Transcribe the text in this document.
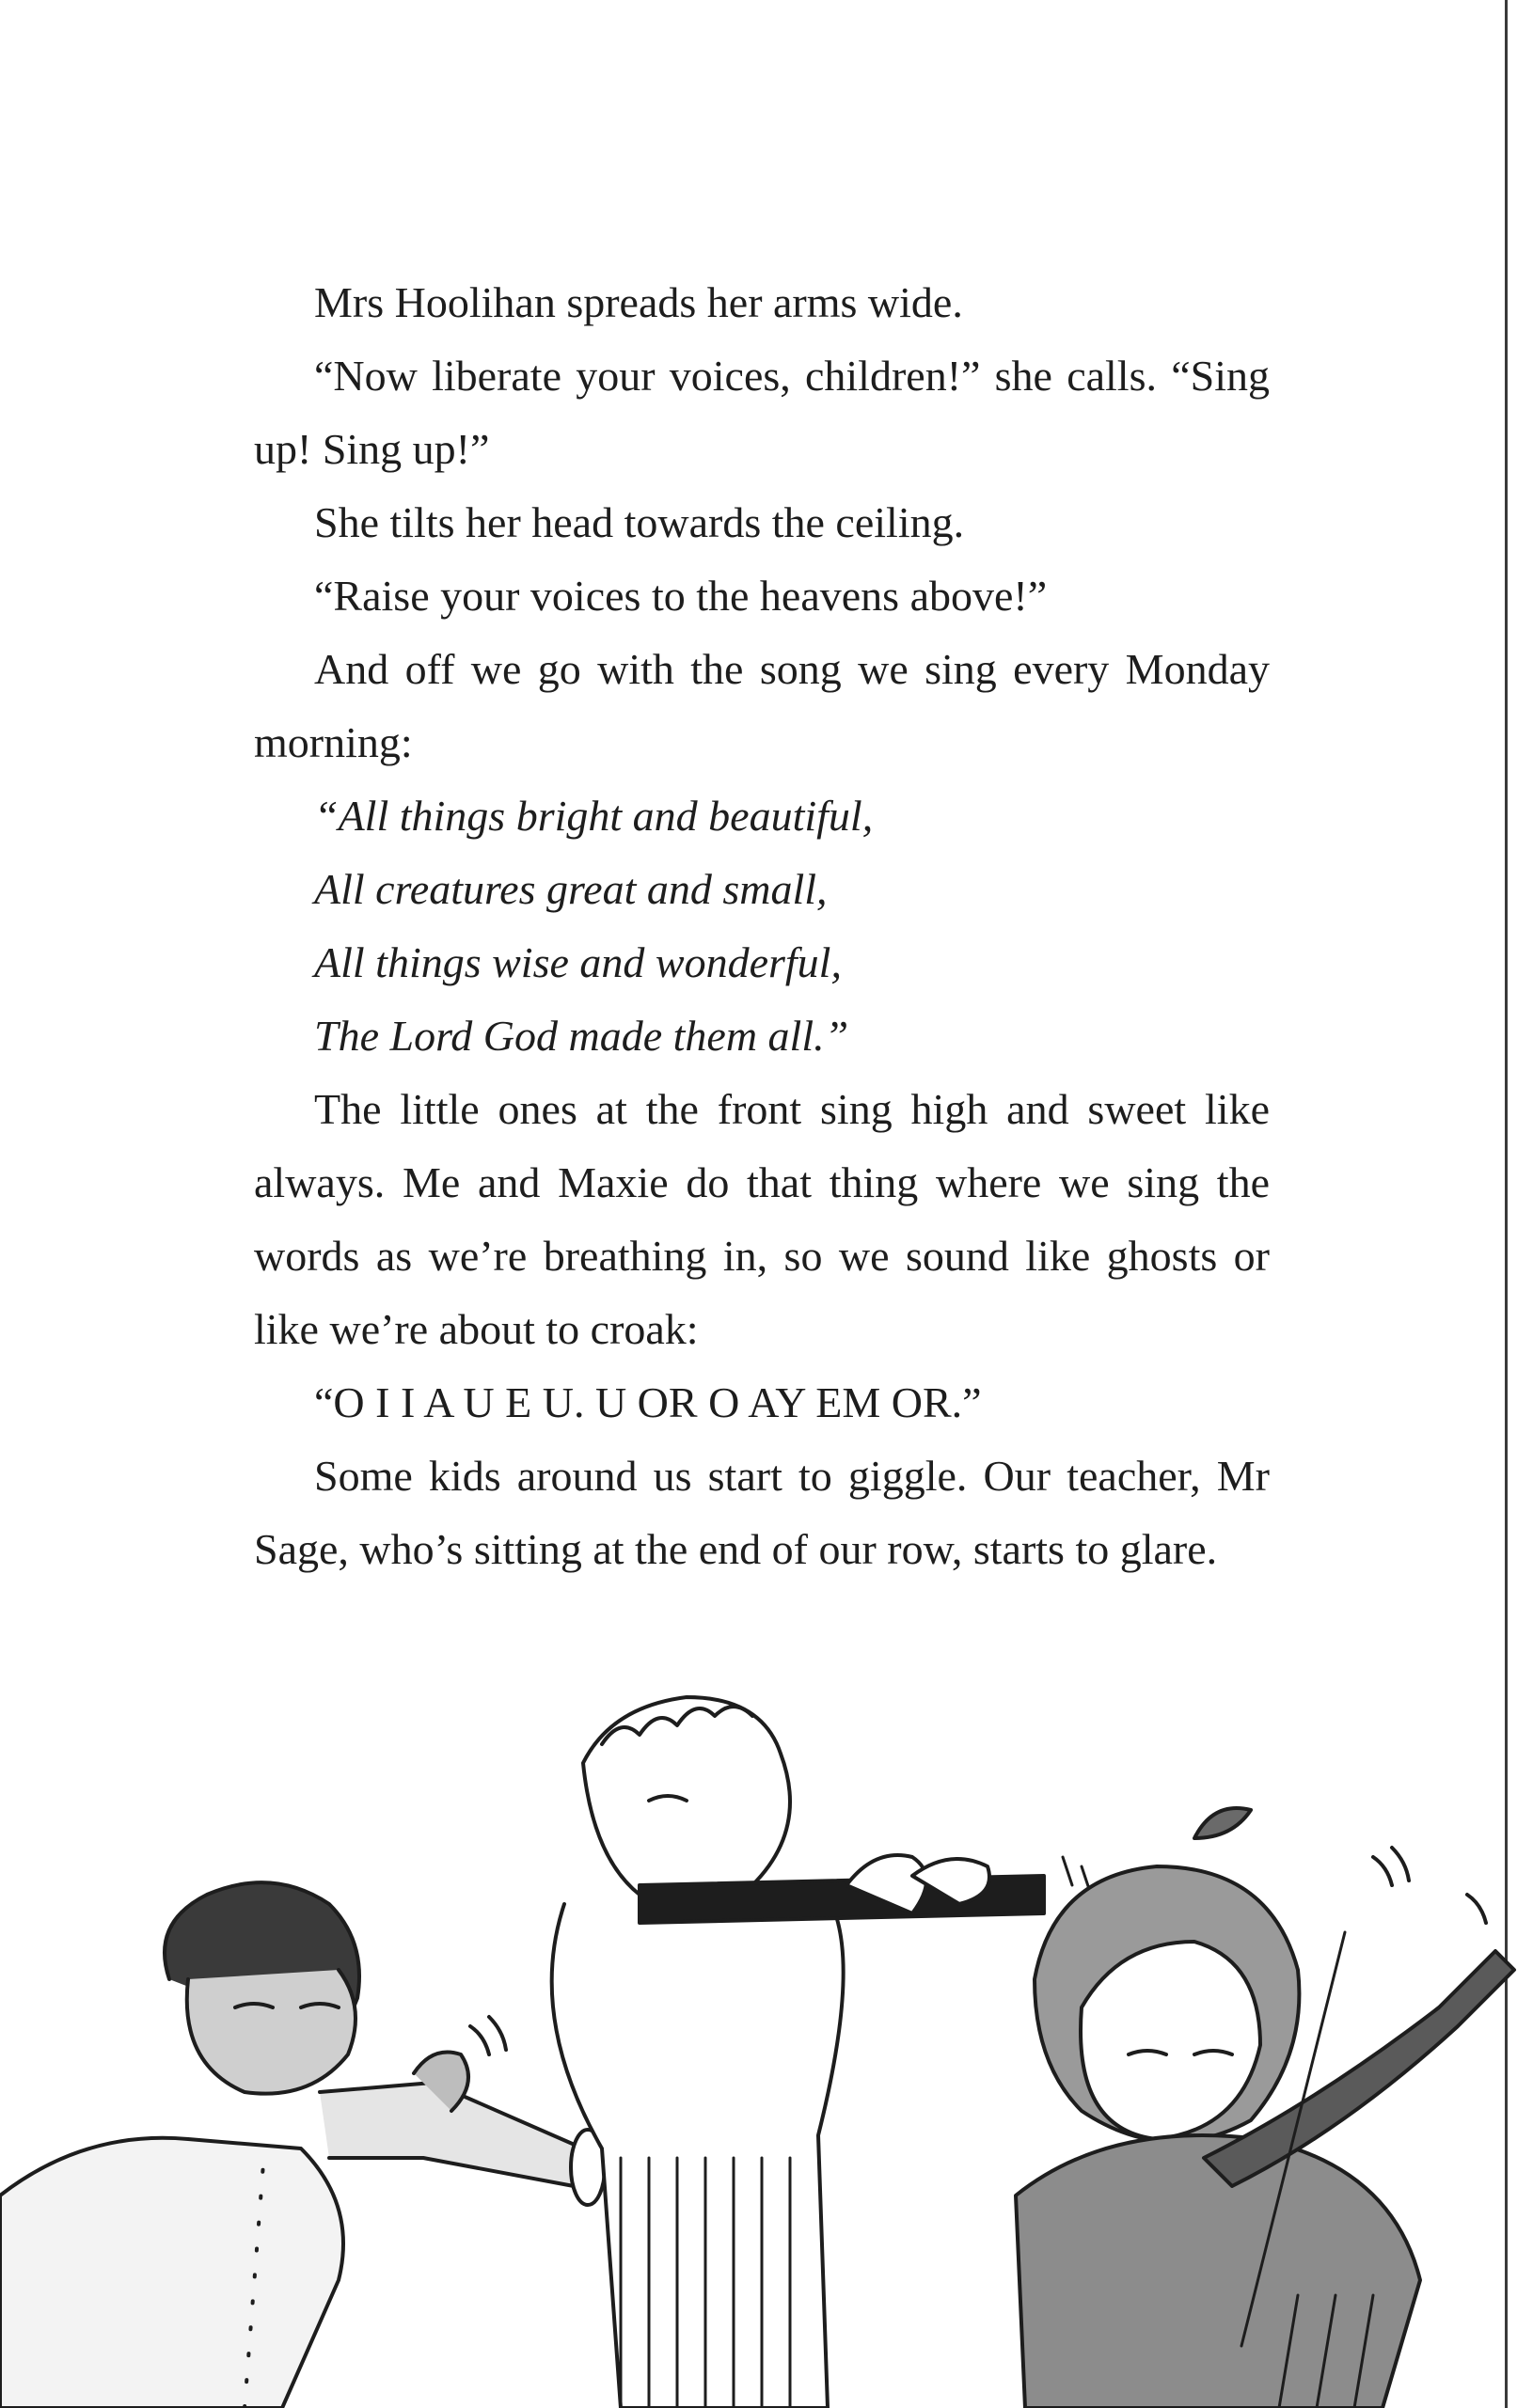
Mrs Hoolihan spreads her arms wide.

“Now liberate your voices, children!” she calls. “Sing up! Sing up!”

She tilts her head towards the ceiling.

“Raise your voices to the heavens above!”

And off we go with the song we sing every Monday morning:

“All things bright and beautiful,

All creatures great and small,

All things wise and wonderful,

The Lord God made them all.”

The little ones at the front sing high and sweet like always. Me and Maxie do that thing where we sing the words as we’re breathing in, so we sound like ghosts or like we’re about to croak:

“O I I A U E U. U OR O AY EM OR.”

Some kids around us start to giggle. Our teacher, Mr Sage, who’s sitting at the end of our row, starts to glare.
